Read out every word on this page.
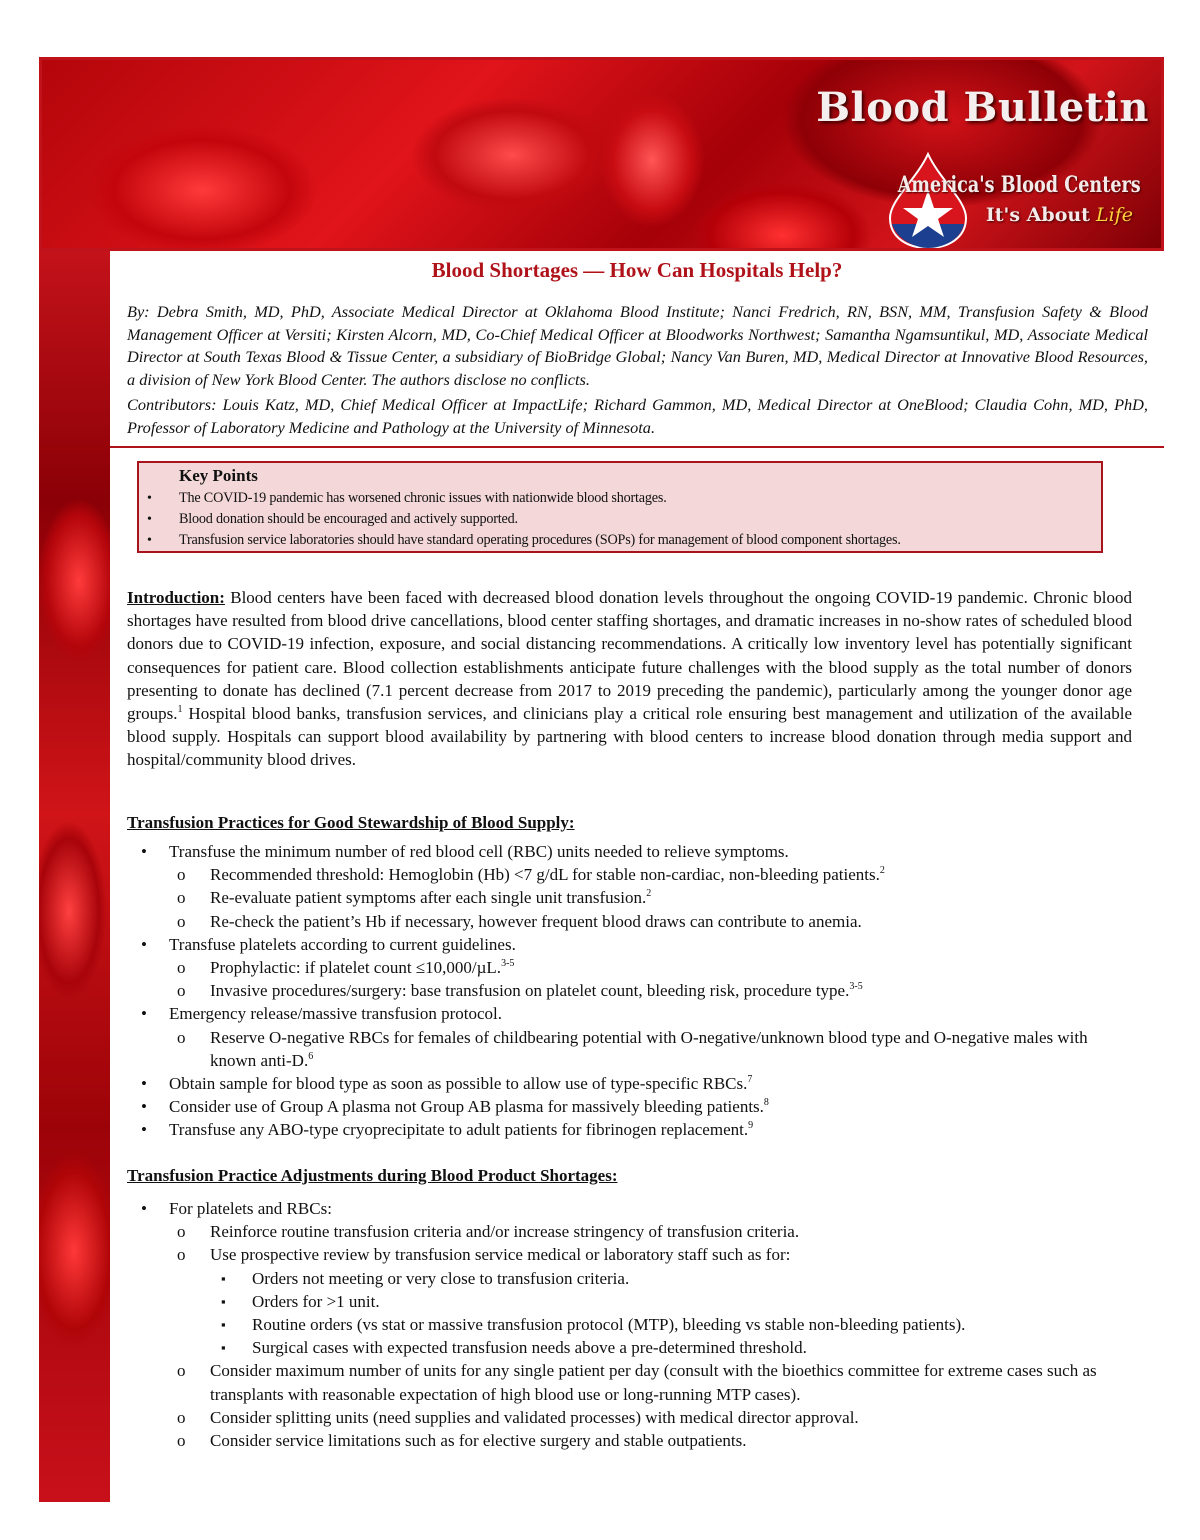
Blood Bulletin
America's Blood Centers
It's About Life
Blood Shortages — How Can Hospitals Help?
By: Debra Smith, MD, PhD, Associate Medical Director at Oklahoma Blood Institute; Nanci Fredrich, RN, BSN, MM, Transfusion Safety & Blood Management Officer at Versiti; Kirsten Alcorn, MD, Co-Chief Medical Officer at Bloodworks Northwest; Samantha Ngamsuntikul, MD, Associate Medical Director at South Texas Blood & Tissue Center, a subsidiary of BioBridge Global; Nancy Van Buren, MD, Medical Director at Innovative Blood Resources, a division of New York Blood Center. The authors disclose no conflicts.
Contributors: Louis Katz, MD, Chief Medical Officer at ImpactLife; Richard Gammon, MD, Medical Director at OneBlood; Claudia Cohn, MD, PhD, Professor of Laboratory Medicine and Pathology at the University of Minnesota.
Key Points
• The COVID-19 pandemic has worsened chronic issues with nationwide blood shortages.
• Blood donation should be encouraged and actively supported.
• Transfusion service laboratories should have standard operating procedures (SOPs) for management of blood component shortages.
Introduction: Blood centers have been faced with decreased blood donation levels throughout the ongoing COVID-19 pandemic. Chronic blood shortages have resulted from blood drive cancellations, blood center staffing shortages, and dramatic increases in no-show rates of scheduled blood donors due to COVID-19 infection, exposure, and social distancing recommendations. A critically low inventory level has potentially significant consequences for patient care. Blood collection establishments anticipate future challenges with the blood supply as the total number of donors presenting to donate has declined (7.1 percent decrease from 2017 to 2019 preceding the pandemic), particularly among the younger donor age groups.$^1$ Hospital blood banks, transfusion services, and clinicians play a critical role ensuring best management and utilization of the available blood supply. Hospitals can support blood availability by partnering with blood centers to increase blood donation through media support and hospital/community blood drives.
Transfusion Practices for Good Stewardship of Blood Supply:
• Transfuse the minimum number of red blood cell (RBC) units needed to relieve symptoms.
o Recommended threshold: Hemoglobin (Hb) <7 g/dL for stable non-cardiac, non-bleeding patients.$^2$
o Re-evaluate patient symptoms after each single unit transfusion.$^2$
o Re-check the patient’s Hb if necessary, however frequent blood draws can contribute to anemia.
• Transfuse platelets according to current guidelines.
o Prophylactic: if platelet count ≤10,000/µL.$^{3-5}$
o Invasive procedures/surgery: base transfusion on platelet count, bleeding risk, procedure type.$^{3-5}$
• Emergency release/massive transfusion protocol.
o Reserve O-negative RBCs for females of childbearing potential with O-negative/unknown blood type and O-negative males with known anti-D.$^6$
• Obtain sample for blood type as soon as possible to allow use of type-specific RBCs.$^7$
• Consider use of Group A plasma not Group AB plasma for massively bleeding patients.$^8$
• Transfuse any ABO-type cryoprecipitate to adult patients for fibrinogen replacement.$^9$
Transfusion Practice Adjustments during Blood Product Shortages:
• For platelets and RBCs:
o Reinforce routine transfusion criteria and/or increase stringency of transfusion criteria.
o Use prospective review by transfusion service medical or laboratory staff such as for:
▪ Orders not meeting or very close to transfusion criteria.
▪ Orders for >1 unit.
▪ Routine orders (vs stat or massive transfusion protocol (MTP), bleeding vs stable non-bleeding patients).
▪ Surgical cases with expected transfusion needs above a pre-determined threshold.
o Consider maximum number of units for any single patient per day (consult with the bioethics committee for extreme cases such as transplants with reasonable expectation of high blood use or long-running MTP cases).
o Consider splitting units (need supplies and validated processes) with medical director approval.
o Consider service limitations such as for elective surgery and stable outpatients.
